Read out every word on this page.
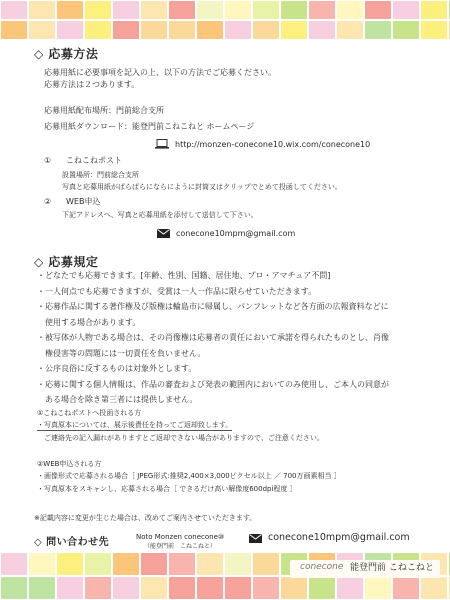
◇ 応募方法
応募用紙に必要事項を記入の上、以下の方法でご応募ください。
応募方法は２つあります。
応募用紙配布場所：門前総合支所
応募用紙ダウンロード：能登門前こねこねと ホームページ
http://monzen-conecone10.wix.com/conecone10
① こねこねポスト
設置場所：門前総合支所
写真と応募用紙がばらばらにならにように封筒又はクリップでとめて投函してください。
② WEB申込
下記アドレスへ、写真と応募用紙を添付して送信して下さい。
conecone10mpm@gmail.com
◇ 応募規定
・どなたでも応募できます。[年齢、性別、国籍、居住地、プロ・アマチュア不問]
・一人何点でも応募できますが、受賞は一人一作品に限らせていただきます。
・応募作品に関する著作権及び版権は輪島市に帰属し、パンフレットなど各方面の広報資料などに
　使用する場合があります。
・被写体が人物である場合は、その肖像権は応募者の責任において承諾を得られたものとし、肖像
　権侵害等の問題には一切責任を負いません。
・公序良俗に反するものは対象外とします。
・応募に関する個人情報は、作品の審査および発表の範囲内においてのみ使用し、ご本人の同意が
　ある場合を除き第三者には提供しません。
①こねこねポストへ投函される方
・写真原本については、展示後責任を持ってご返却致します。
　ご連絡先の記入漏れがありますとご返却できない場合がありますので、ご注意ください。
②WEB申込される方
・画像形式で応募される場合［ JPEG形式:推奨2,400×3,000ピクセル以上 ／ 700万画素相当 ］
・写真原本をスキャンし、応募される場合［ できるだけ高い解像度600dpi程度 ］
※記載内容に変更が生じた場合は、改めてご案内させていただきます。
◇ 問い合わせ先	Noto Monzen conecone⑩
（能登門前　こねこねと）
conecone10mpm@gmail.com
conecone 能登門前 こねこねと
